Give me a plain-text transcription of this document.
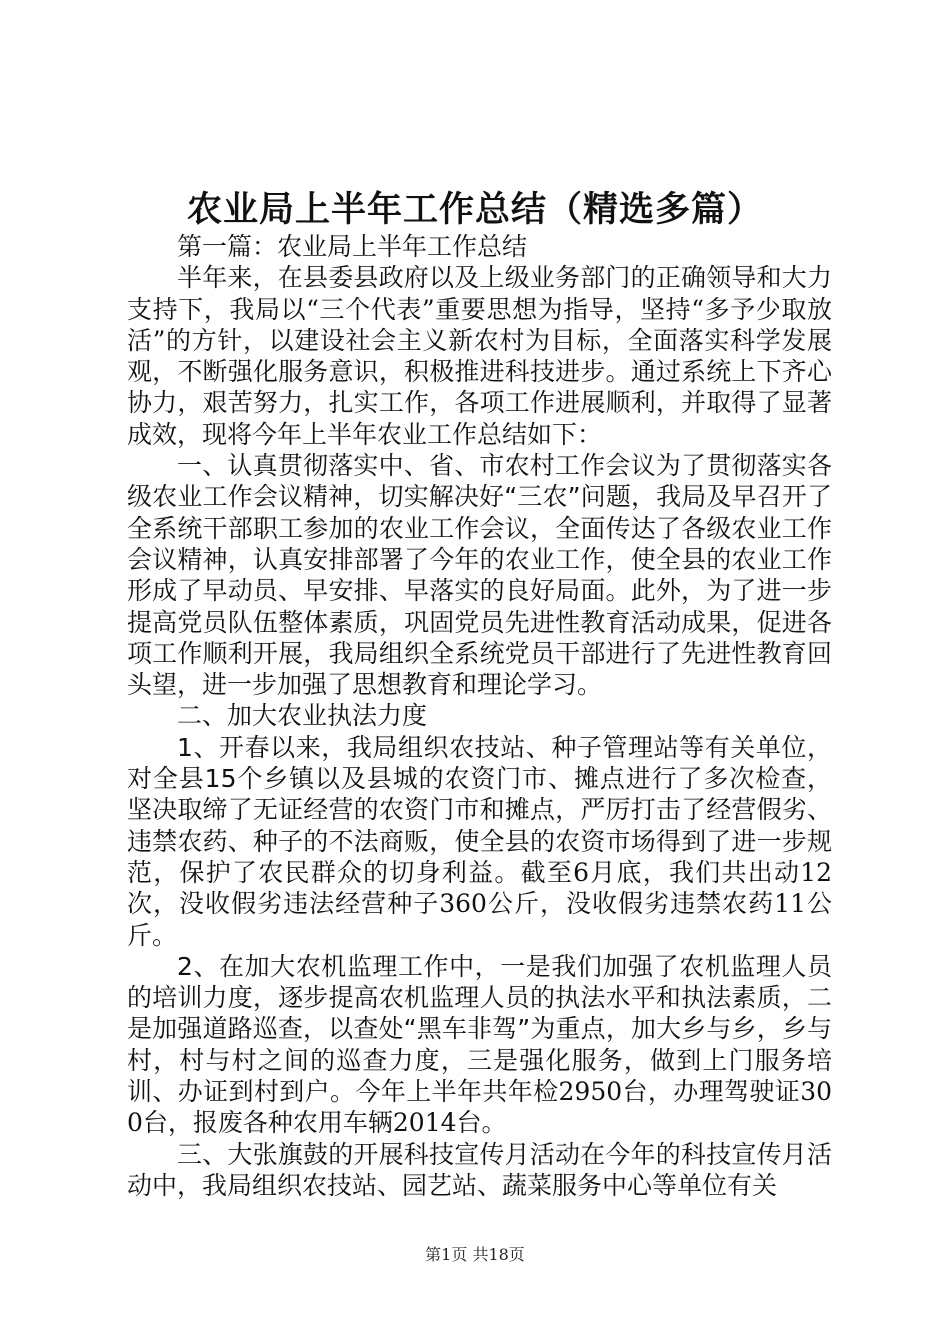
农业局上半年工作总结（精选多篇）

第一篇：农业局上半年工作总结

半年来，在县委县政府以及上级业务部门的正确领导和大力支持下，我局以“三个代表”重要思想为指导，坚持“多予少取放活”的方针，以建设社会主义新农村为目标，全面落实科学发展观，不断强化服务意识，积极推进科技进步。通过系统上下齐心协力，艰苦努力，扎实工作，各项工作进展顺利，并取得了显著成效，现将今年上半年农业工作总结如下：

一、认真贯彻落实中、省、市农村工作会议为了贯彻落实各级农业工作会议精神，切实解决好“三农”问题，我局及早召开了全系统干部职工参加的农业工作会议，全面传达了各级农业工作会议精神，认真安排部署了今年的农业工作，使全县的农业工作形成了早动员、早安排、早落实的良好局面。此外，为了进一步提高党员队伍整体素质，巩固党员先进性教育活动成果，促进各项工作顺利开展，我局组织全系统党员干部进行了先进性教育回头望，进一步加强了思想教育和理论学习。

二、加大农业执法力度

1、开春以来，我局组织农技站、种子管理站等有关单位，对全县15个乡镇以及县城的农资门市、摊点进行了多次检查，坚决取缔了无证经营的农资门市和摊点，严厉打击了经营假劣、违禁农药、种子的不法商贩，使全县的农资市场得到了进一步规范，保护了农民群众的切身利益。截至6月底，我们共出动12次，没收假劣违法经营种子360公斤，没收假劣违禁农药11公斤。

2、在加大农机监理工作中，一是我们加强了农机监理人员的培训力度，逐步提高农机监理人员的执法水平和执法素质，二是加强道路巡查，以查处“黑车非驾”为重点，加大乡与乡，乡与村，村与村之间的巡查力度，三是强化服务，做到上门服务培训、办证到村到户。今年上半年共年检2950台，办理驾驶证300台，报废各种农用车辆2014台。

三、大张旗鼓的开展科技宣传月活动在今年的科技宣传月活动中，我局组织农技站、园艺站、蔬菜服务中心等单位有关

第1页 共18页
